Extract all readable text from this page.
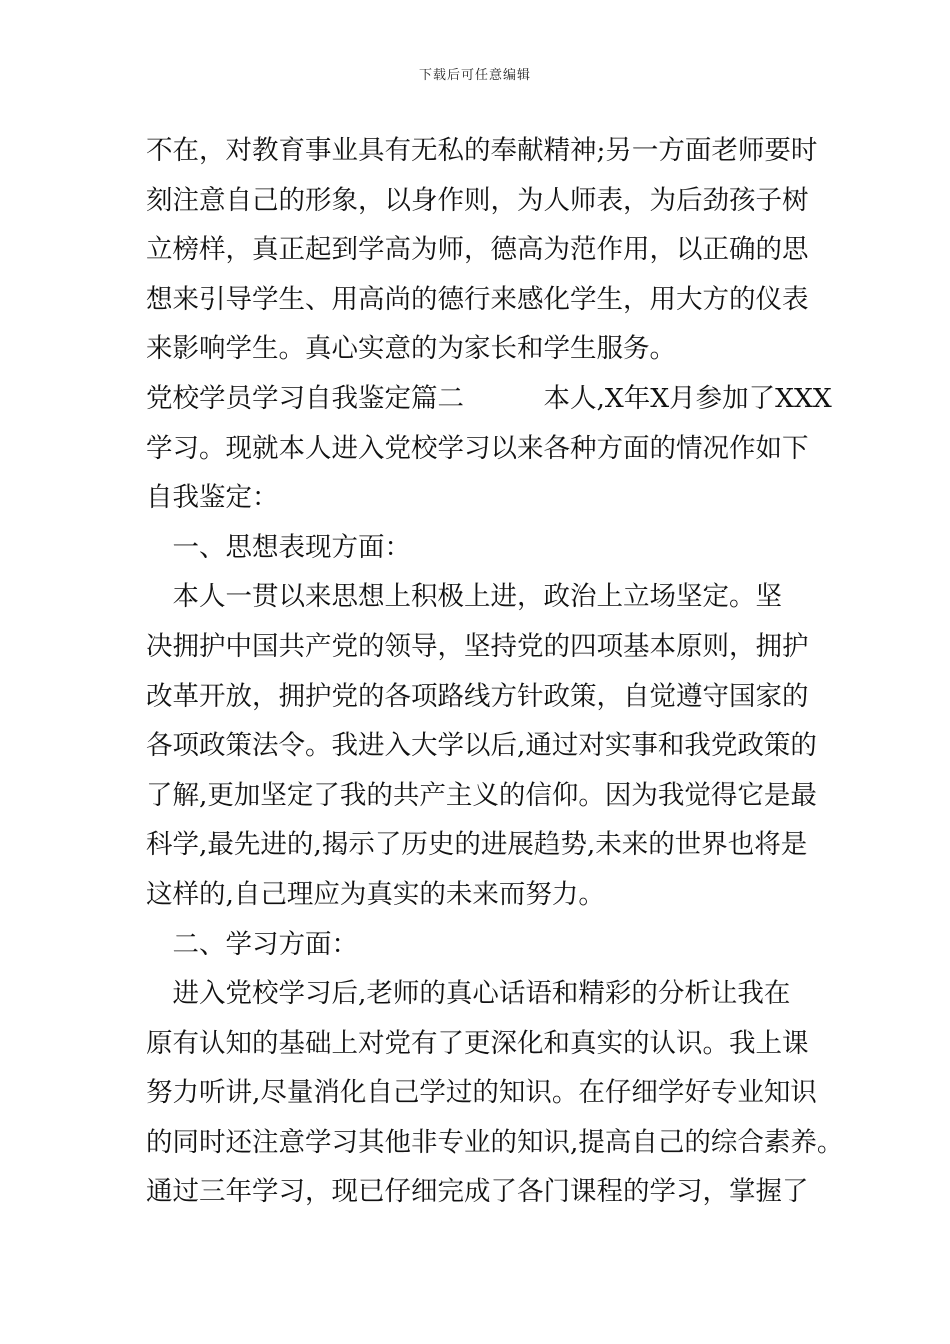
下载后可任意编辑
不在，对教育事业具有无私的奉献精神;另一方面老师要时
刻注意自己的形象，以身作则，为人师表，为后劲孩子树
立榜样，真正起到学高为师，德高为范作用，以正确的思
想来引导学生、用高尚的德行来感化学生，用大方的仪表
来影响学生。真心实意的为家长和学生服务。
党校学员学习自我鉴定篇二　　　本人,X年X月参加了XXX
学习。现就本人进入党校学习以来各种方面的情况作如下
自我鉴定：
　一、思想表现方面：
　本人一贯以来思想上积极上进，政治上立场坚定。坚
决拥护中国共产党的领导，坚持党的四项基本原则，拥护
改革开放，拥护党的各项路线方针政策，自觉遵守国家的
各项政策法令。我进入大学以后,通过对实事和我党政策的
了解,更加坚定了我的共产主义的信仰。因为我觉得它是最
科学,最先进的,揭示了历史的进展趋势,未来的世界也将是
这样的,自己理应为真实的未来而努力。
　二、学习方面：
　进入党校学习后,老师的真心话语和精彩的分析让我在
原有认知的基础上对党有了更深化和真实的认识。我上课
努力听讲,尽量消化自己学过的知识。在仔细学好专业知识
的同时还注意学习其他非专业的知识,提高自己的综合素养。
通过三年学习，现已仔细完成了各门课程的学习，掌握了
